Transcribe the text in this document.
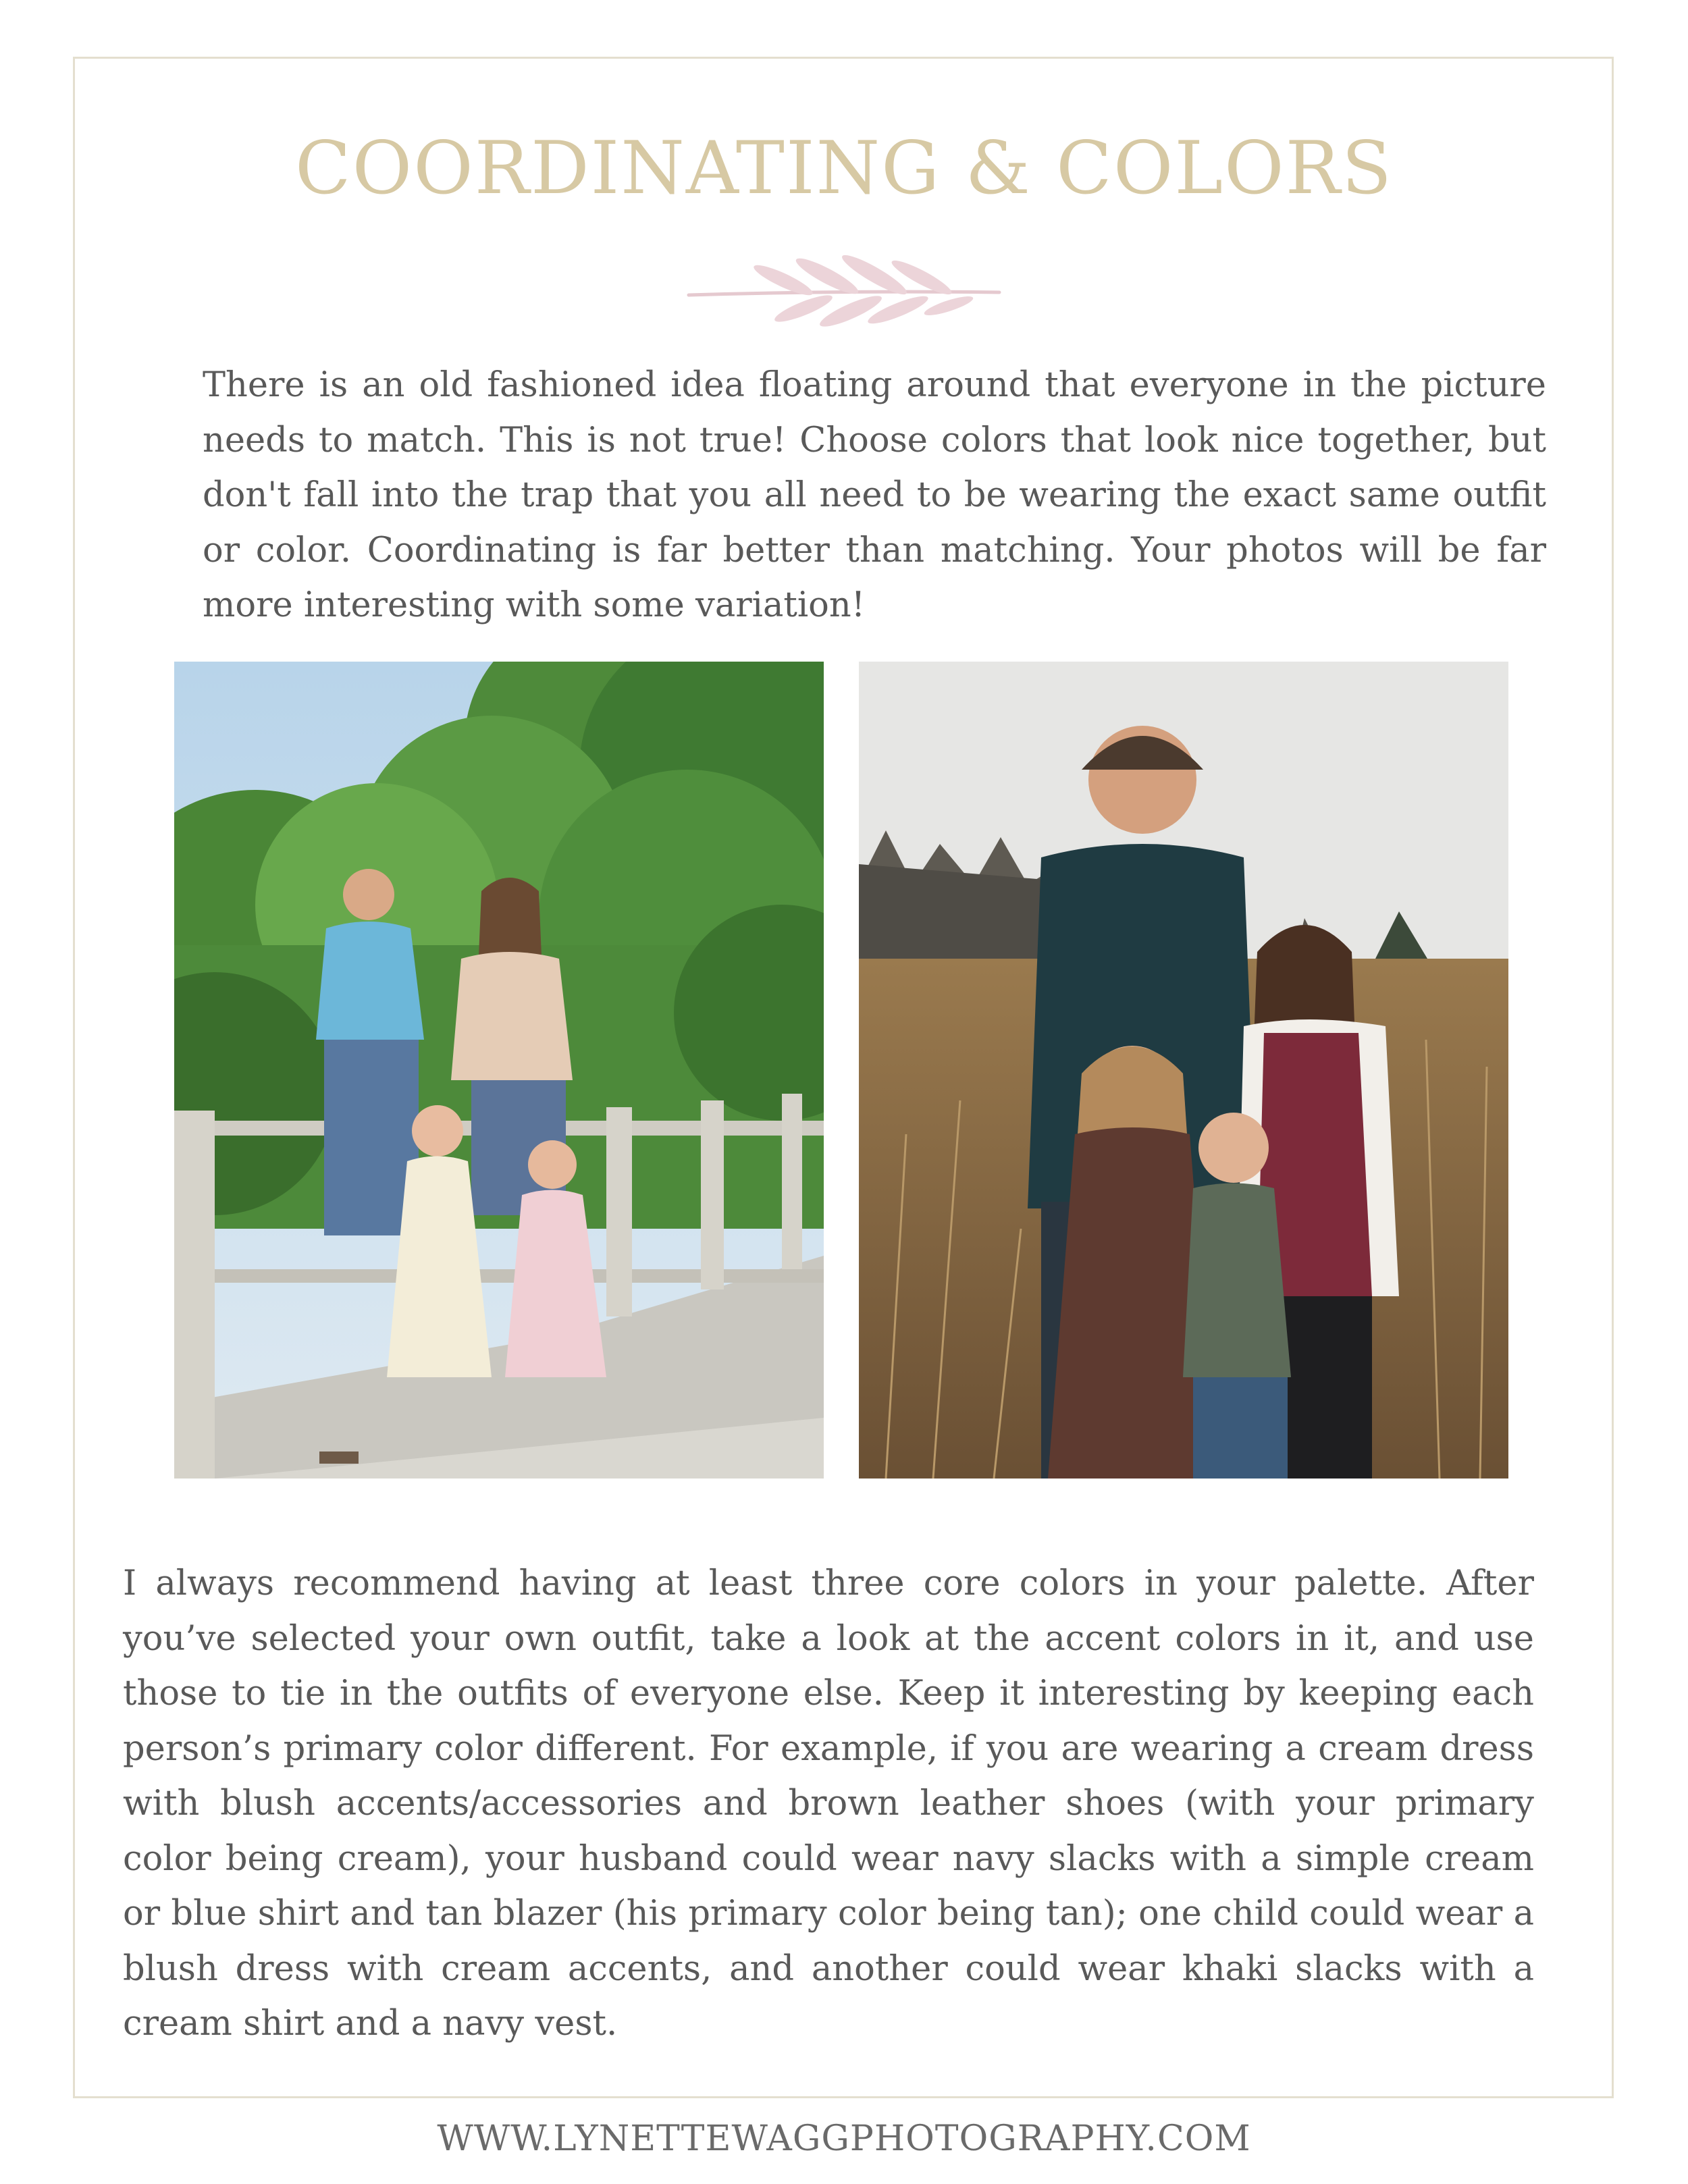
COORDINATING & COLORS

There is an old fashioned idea floating around that everyone in the picture needs to match. This is not true! Choose colors that look nice together, but don't fall into the trap that you all need to be wearing the exact same outfit or color. Coordinating is far better than matching. Your photos will be far more interesting with some variation!

I always recommend having at least three core colors in your palette. After you’ve selected your own outfit, take a look at the accent colors in it, and use those to tie in the outfits of everyone else. Keep it interesting by keeping each person’s primary color different. For example, if you are wearing a cream dress with blush accents/accessories and brown leather shoes (with your primary color being cream), your husband could wear navy slacks with a simple cream or blue shirt and tan blazer (his primary color being tan); one child could wear a blush dress with cream accents, and another could wear khaki slacks with a cream shirt and a navy vest.

WWW.LYNETTEWAGGPHOTOGRAPHY.COM
